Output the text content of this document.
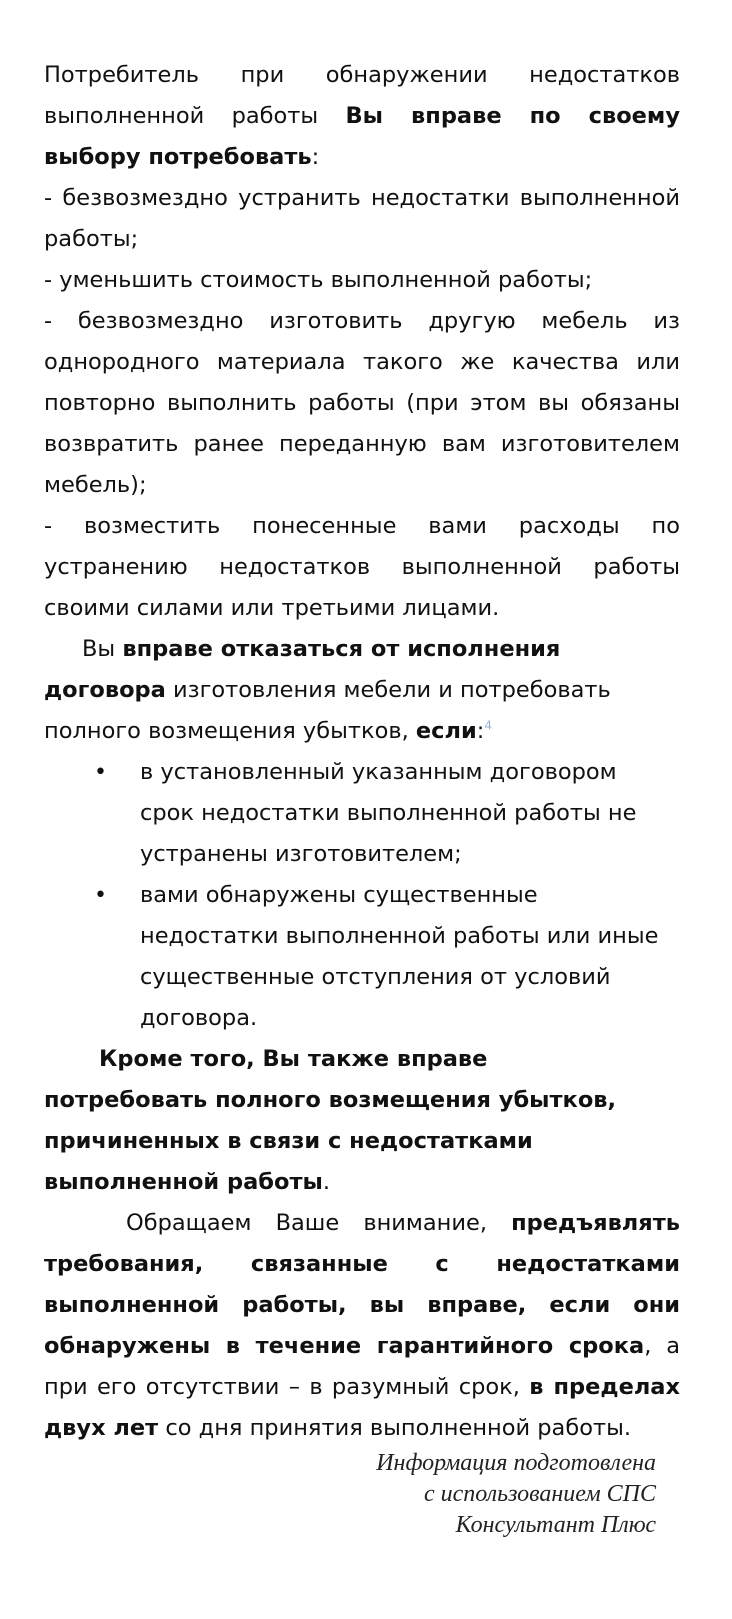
Потребитель при обнаружении недостатков выполненной работы Вы вправе по своему выбору потребовать:

- безвозмездно устранить недостатки выполненной работы;

- уменьшить стоимость выполненной работы;

- безвозмездно изготовить другую мебель из однородного материала такого же качества или повторно выполнить работы (при этом вы обязаны возвратить ранее переданную вам изготовителем мебель);

- возместить понесенные вами расходы по устранению недостатков выполненной работы своими силами или третьими лицами.

Вы вправе отказаться от исполнения договора изготовления мебели и потребовать полного возмещения убытков, если:$^4$

• в установленный указанным договором срок недостатки выполненной работы не устранены изготовителем;
• вами обнаружены существенные недостатки выполненной работы или иные существенные отступления от условий договора.

Кроме того, Вы также вправе потребовать полного возмещения убытков, причиненных в связи с недостатками выполненной работы.

Обращаем Ваше внимание, предъявлять требования, связанные с недостатками выполненной работы, вы вправе, если они обнаружены в течение гарантийного срока, а при его отсутствии – в разумный срок, в пределах двух лет со дня принятия выполненной работы.

Информация подготовлена
с использованием СПС
Консультант Плюс
